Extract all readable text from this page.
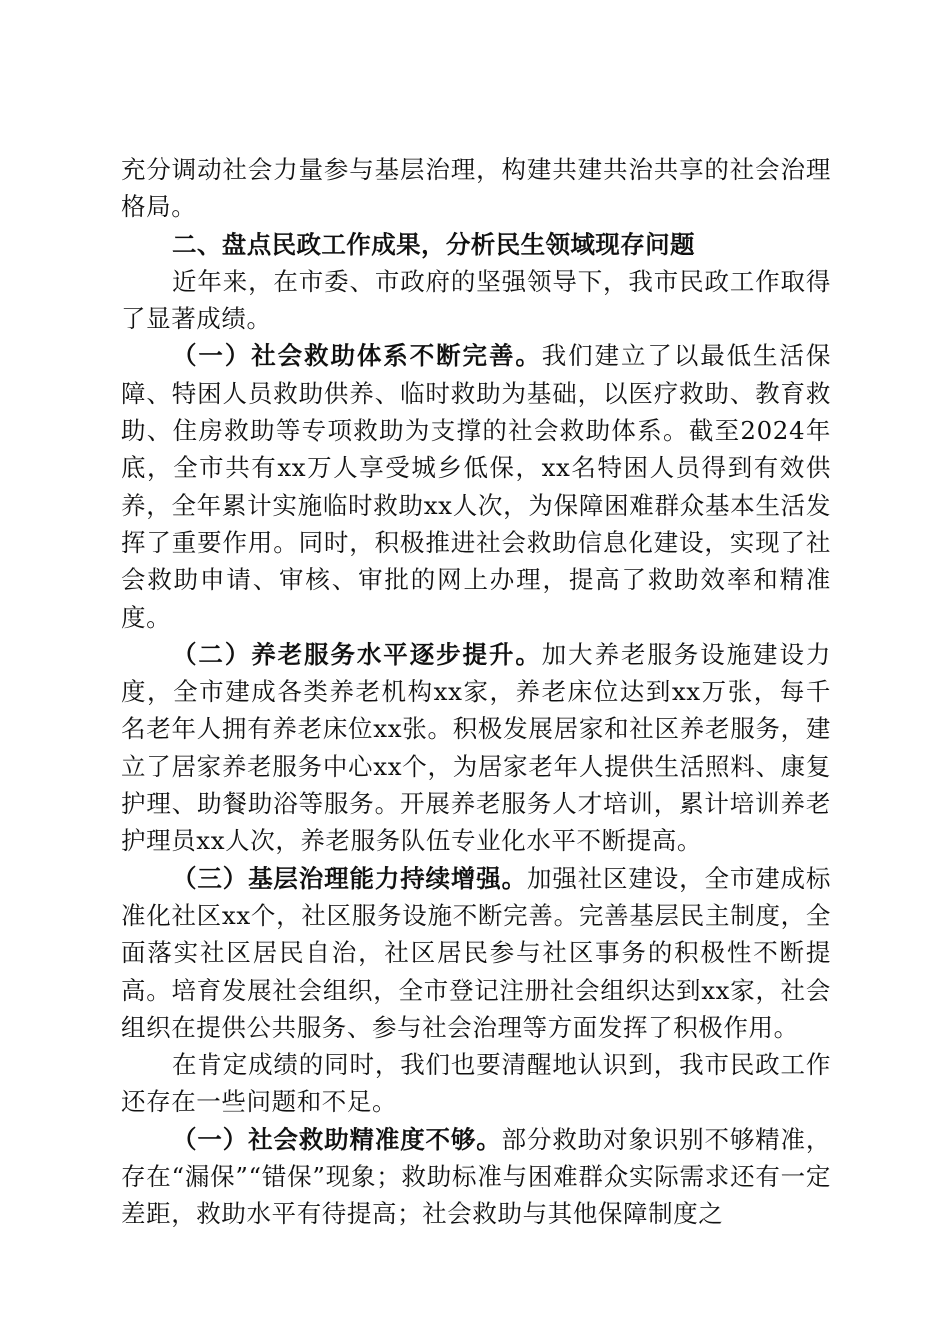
充分调动社会力量参与基层治理，构建共建共治共享的社会治理格局。

二、盘点民政工作成果，分析民生领域现存问题

近年来，在市委、市政府的坚强领导下，我市民政工作取得了显著成绩。

（一）社会救助体系不断完善。我们建立了以最低生活保障、特困人员救助供养、临时救助为基础，以医疗救助、教育救助、住房救助等专项救助为支撑的社会救助体系。截至2024年底，全市共有xx万人享受城乡低保，xx名特困人员得到有效供养，全年累计实施临时救助xx人次，为保障困难群众基本生活发挥了重要作用。同时，积极推进社会救助信息化建设，实现了社会救助申请、审核、审批的网上办理，提高了救助效率和精准度。

（二）养老服务水平逐步提升。加大养老服务设施建设力度，全市建成各类养老机构xx家，养老床位达到xx万张，每千名老年人拥有养老床位xx张。积极发展居家和社区养老服务，建立了居家养老服务中心xx个，为居家老年人提供生活照料、康复护理、助餐助浴等服务。开展养老服务人才培训，累计培训养老护理员xx人次，养老服务队伍专业化水平不断提高。

（三）基层治理能力持续增强。加强社区建设，全市建成标准化社区xx个，社区服务设施不断完善。完善基层民主制度，全面落实社区居民自治，社区居民参与社区事务的积极性不断提高。培育发展社会组织，全市登记注册社会组织达到xx家，社会组织在提供公共服务、参与社会治理等方面发挥了积极作用。

在肯定成绩的同时，我们也要清醒地认识到，我市民政工作还存在一些问题和不足。

（一）社会救助精准度不够。部分救助对象识别不够精准，存在“漏保”“错保”现象；救助标准与困难群众实际需求还有一定差距，救助水平有待提高；社会救助与其他保障制度之
